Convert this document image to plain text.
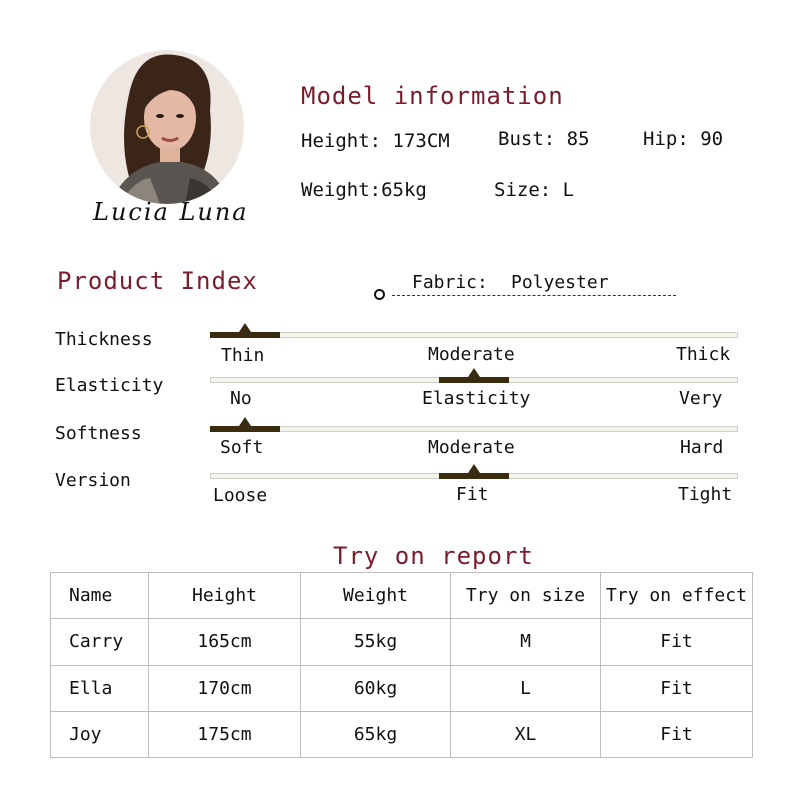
Lucia Luna
Model information
Height: 173CM	Bust: 85	Hip: 90
Weight:65kg	Size: L
Product Index	Fabric: Polyester
Thickness
Thin	Moderate	Thick
Elasticity
No	Elasticity	Very
Softness
Soft	Moderate	Hard
Version
Loose	Fit	Tight
Try on report
Name	Height	Weight	Try on size	Try on effect
Carry	165cm	55kg	M	Fit
Ella	170cm	60kg	L	Fit
Joy	175cm	65kg	XL	Fit
